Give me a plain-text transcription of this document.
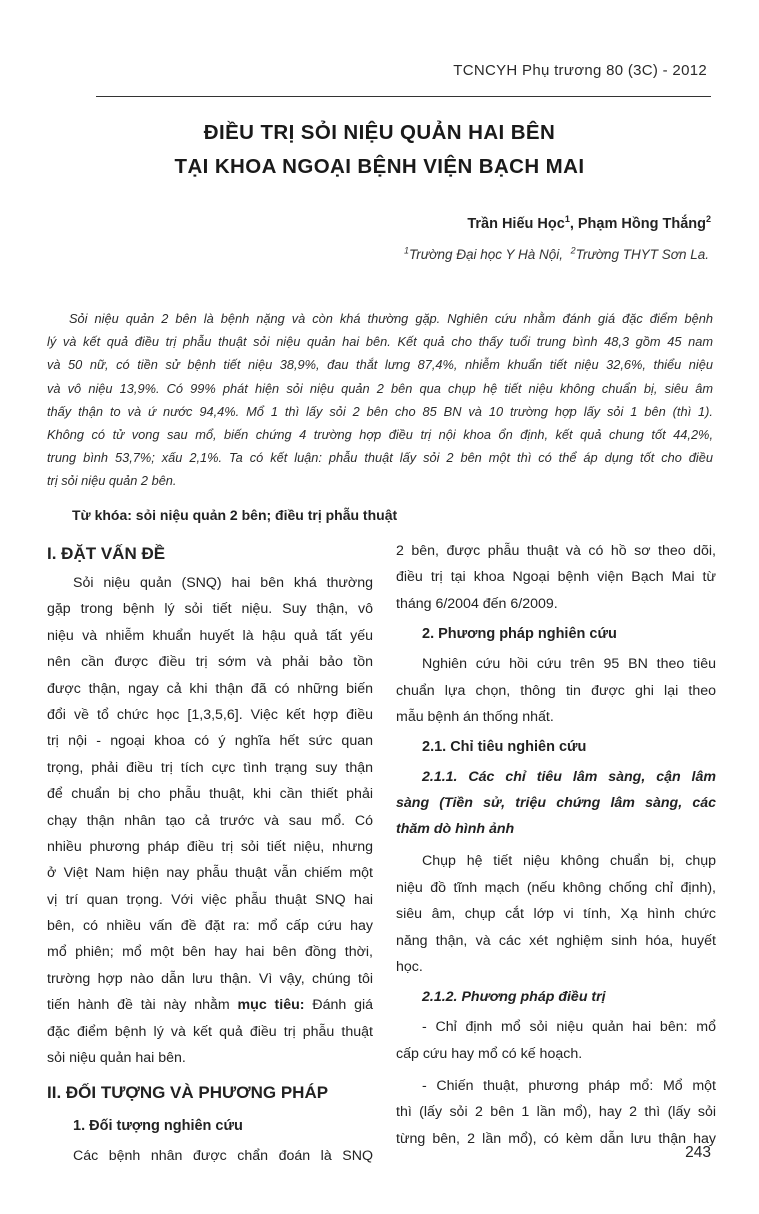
TCNCYH Phụ trương 80 (3C) - 2012
ĐIỀU TRỊ SỎI NIỆU QUẢN HAI BÊN
TẠI KHOA NGOẠI BỆNH VIỆN BẠCH MAI
Trần Hiếu Học$^1$, Phạm Hồng Thắng$^2$
$^1$Trường Đại học Y Hà Nội, $^2$Trường THYT Sơn La.
Sỏi niệu quản 2 bên là bệnh nặng và còn khá thường gặp. Nghiên cứu nhằm đánh giá đặc điểm bệnh
lý và kết quả điều trị phẫu thuật sỏi niệu quản hai bên. Kết quả cho thấy tuổi trung bình 48,3 gồm 45 nam
và 50 nữ, có tiền sử bệnh tiết niệu 38,9%, đau thắt lưng 87,4%, nhiễm khuẩn tiết niệu 32,6%, thiểu niệu
và vô niệu 13,9%. Có 99% phát hiện sỏi niệu quản 2 bên qua chụp hệ tiết niệu không chuẩn bị, siêu âm
thấy thận to và ứ nước 94,4%. Mổ 1 thì lấy sỏi 2 bên cho 85 BN và 10 trường hợp lấy sỏi 1 bên (thì 1).
Không có tử vong sau mổ, biến chứng 4 trường hợp điều trị nội khoa ổn định, kết quả chung tốt 44,2%,
trung bình 53,7%; xấu 2,1%. Ta có kết luận: phẫu thuật lấy sỏi 2 bên một thì có thể áp dụng tốt cho điều
trị sỏi niệu quản 2 bên.
Từ khóa: sỏi niệu quản 2 bên; điều trị phẫu thuật
I. ĐẶT VẤN ĐỀ
Sỏi niệu quản (SNQ) hai bên khá thường
gặp trong bệnh lý sỏi tiết niệu. Suy thận, vô
niệu và nhiễm khuẩn huyết là hậu quả tất yếu
nên cần được điều trị sớm và phải bảo tồn
được thận, ngay cả khi thận đã có những biến
đổi về tổ chức học [1,3,5,6]. Việc kết hợp điều
trị nội - ngoại khoa có ý nghĩa hết sức quan
trọng, phải điều trị tích cực tình trạng suy thận
để chuẩn bị cho phẫu thuật, khi cần thiết phải
chạy thận nhân tạo cả trước và sau mổ. Có
nhiều phương pháp điều trị sỏi tiết niệu, nhưng
ở Việt Nam hiện nay phẫu thuật vẫn chiếm một
vị trí quan trọng. Với việc phẫu thuật SNQ hai
bên, có nhiều vấn đề đặt ra: mổ cấp cứu hay
mổ phiên; mổ một bên hay hai bên đồng thời,
trường hợp nào dẫn lưu thận. Vì vậy, chúng tôi
tiến hành đề tài này nhằm mục tiêu: Đánh giá
đặc điểm bệnh lý và kết quả điều trị phẫu thuật
sỏi niệu quản hai bên.
II. ĐỐI TƯỢNG VÀ PHƯƠNG PHÁP
1. Đối tượng nghiên cứu
Các bệnh nhân được chẩn đoán là SNQ
2 bên, được phẫu thuật và có hồ sơ theo dõi,
điều trị tại khoa Ngoại bệnh viện Bạch Mai từ
tháng 6/2004 đến 6/2009.
2. Phương pháp nghiên cứu
Nghiên cứu hồi cứu trên 95 BN theo tiêu
chuẩn lựa chọn, thông tin được ghi lại theo
mẫu bệnh án thống nhất.
2.1. Chỉ tiêu nghiên cứu
2.1.1. Các chỉ tiêu lâm sàng, cận lâm
sàng (Tiền sử, triệu chứng lâm sàng, các
thăm dò hình ảnh
Chụp hệ tiết niệu không chuẩn bị, chụp
niệu đồ tĩnh mạch (nếu không chống chỉ định),
siêu âm, chụp cắt lớp vi tính, Xạ hình chức
năng thận, và các xét nghiệm sinh hóa, huyết
học.
2.1.2. Phương pháp điều trị
- Chỉ định mổ sỏi niệu quản hai bên: mổ
cấp cứu hay mổ có kế hoạch.
- Chiến thuật, phương pháp mổ: Mổ một
thì (lấy sỏi 2 bên 1 lần mổ), hay 2 thì (lấy sỏi
từng bên, 2 lần mổ), có kèm dẫn lưu thận hay
243
